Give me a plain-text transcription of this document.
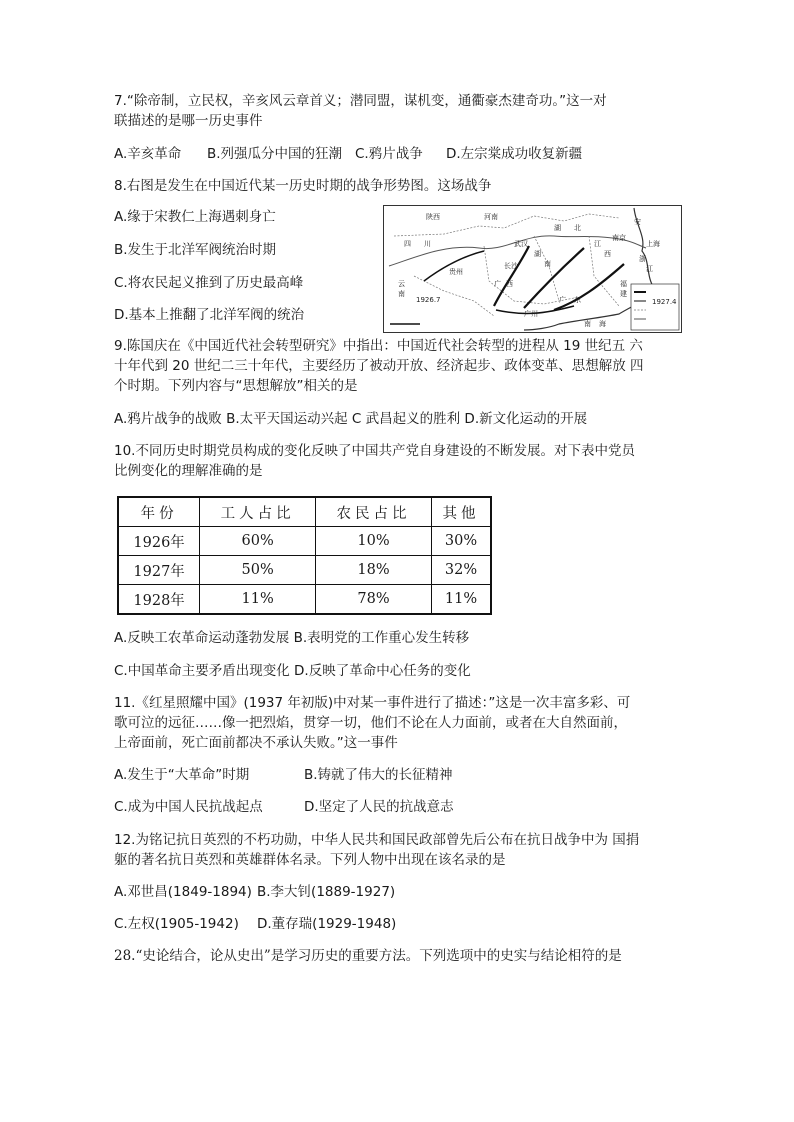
7.“除帝制，立民权，辛亥风云章首义；潜同盟，谋机变，通衢豪杰建奇功。”这一对
联描述的是哪一历史事件
A.辛亥革命 B.列强瓜分中国的狂潮 C.鸦片战争 D.左宗棠成功收复新疆
8.右图是发生在中国近代某一历史时期的战争形势图。这场战争
A.缘于宋教仁上海遇刺身亡
B.发生于北洋军阀统治时期
C.将农民起义推到了历史最高峰
D.基本上推翻了北洋军阀的统治
陕西	河南
四 川
湖 北
安
江
西
浙
江
福
建
湖
南
贵州
广 西
广 东
云
南
南 海
1926.7	1927.4
上海
南京
武汉
长沙
广州
9.陈国庆在《中国近代社会转型研究》中指出：中国近代社会转型的进程从 19 世纪五 六
十年代到 20 世纪二三十年代，主要经历了被动开放、经济起步、政体变革、思想解放 四
个时期。下列内容与“思想解放”相关的是
A.鸦片战争的战败 B.太平天国运动兴起 C 武昌起义的胜利 D.新文化运动的开展
10.不同历史时期党员构成的变化反映了中国共产党自身建设的不断发展。对下表中党员
比例变化的理解准确的是
年份	工人占比	农民占比	其他
1926年	60%	10%	30%
1927年	50%	18%	32%
1928年	11%	78%	11%
A.反映工农革命运动蓬勃发展 B.表明党的工作重心发生转移
C.中国革命主要矛盾出现变化 D.反映了革命中心任务的变化
11.《红星照耀中国》(1937 年初版)中对某一事件进行了描述：”这是一次丰富多彩、可
歌可泣的远征……像一把烈焰，贯穿一切，他们不论在人力面前，或者在大自然面前，
上帝面前，死亡面前都决不承认失败。”这一事件
A.发生于“大革命”时期	B.铸就了伟大的长征精神
C.成为中国人民抗战起点	D.坚定了人民的抗战意志
12.为铭记抗日英烈的不朽功勋，中华人民共和国民政部曾先后公布在抗日战争中为 国捐
躯的著名抗日英烈和英雄群体名录。下列人物中出现在该名录的是
A.邓世昌(1849-1894) B.李大钊(1889-1927)
C.左权(1905-1942) D.董存瑞(1929-1948)
28.“史论结合，论从史出”是学习历史的重要方法。下列选项中的史实与结论相符的是
